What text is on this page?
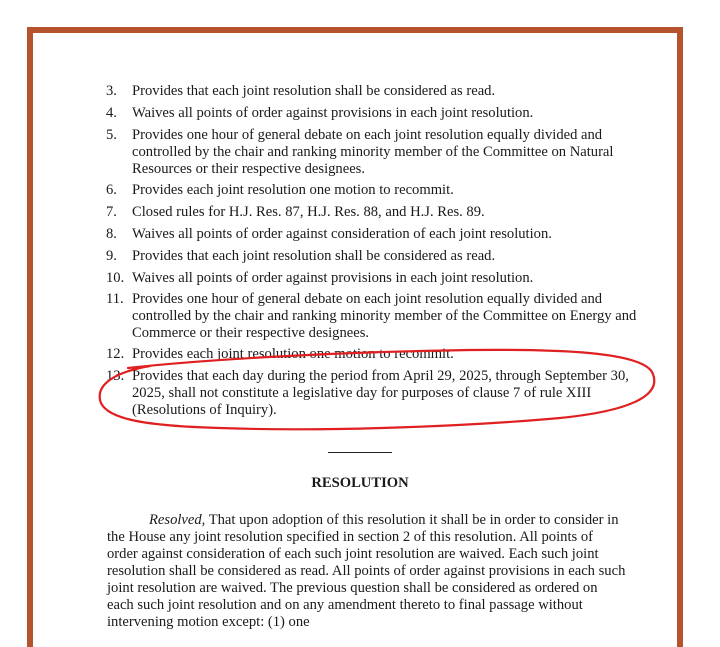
3.	Provides that each joint resolution shall be considered as read.
4.	Waives all points of order against provisions in each joint resolution.
5.	Provides one hour of general debate on each joint resolution equally divided and controlled by the chair and ranking minority member of the Committee on Natural Resources or their respective designees.
6.	Provides each joint resolution one motion to recommit.
7.	Closed rules for H.J. Res. 87, H.J. Res. 88, and H.J. Res. 89.
8.	Waives all points of order against consideration of each joint resolution.
9.	Provides that each joint resolution shall be considered as read.
10. Waives all points of order against provisions in each joint resolution.
11. Provides one hour of general debate on each joint resolution equally divided and controlled by the chair and ranking minority member of the Committee on Energy and Commerce or their respective designees.
12. Provides each joint resolution one motion to recommit.
13. Provides that each day during the period from April 29, 2025, through September 30, 2025, shall not constitute a legislative day for purposes of clause 7 of rule XIII (Resolutions of Inquiry).
RESOLUTION
Resolved, That upon adoption of this resolution it shall be in order to consider in the House any joint resolution specified in section 2 of this resolution. All points of order against consideration of each such joint resolution are waived. Each such joint resolution shall be considered as read. All points of order against provisions in each such joint resolution are waived. The previous question shall be considered as ordered on each such joint resolution and on any amendment thereto to final passage without intervening motion except: (1) one
